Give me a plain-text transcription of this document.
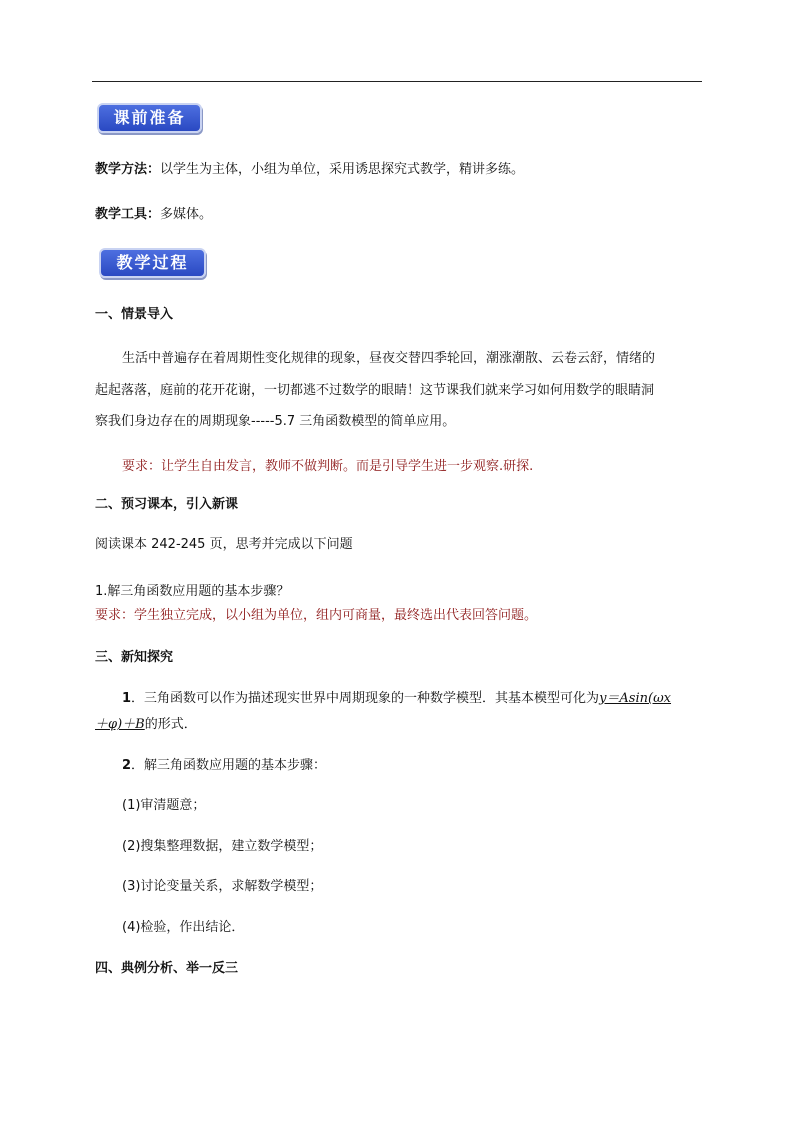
课前准备
教学方法：以学生为主体，小组为单位，采用诱思探究式教学，精讲多练。
教学工具：多媒体。
教学过程
一、情景导入
生活中普遍存在着周期性变化规律的现象，昼夜交替四季轮回，潮涨潮散、云卷云舒，情绪的
起起落落，庭前的花开花谢，一切都逃不过数学的眼睛！这节课我们就来学习如何用数学的眼睛洞
察我们身边存在的周期现象-----5.7 三角函数模型的简单应用。
要求：让学生自由发言，教师不做判断。而是引导学生进一步观察.研探.
二、预习课本，引入新课
阅读课本 242-245 页，思考并完成以下问题
1.解三角函数应用题的基本步骤？
要求：学生独立完成，以小组为单位，组内可商量，最终选出代表回答问题。
三、新知探究
1．三角函数可以作为描述现实世界中周期现象的一种数学模型．其基本模型可化为y＝Asin(ωx
＋φ)＋B的形式．
2．解三角函数应用题的基本步骤：
(1)审清题意；
(2)搜集整理数据，建立数学模型；
(3)讨论变量关系，求解数学模型；
(4)检验，作出结论．
四、典例分析、举一反三
